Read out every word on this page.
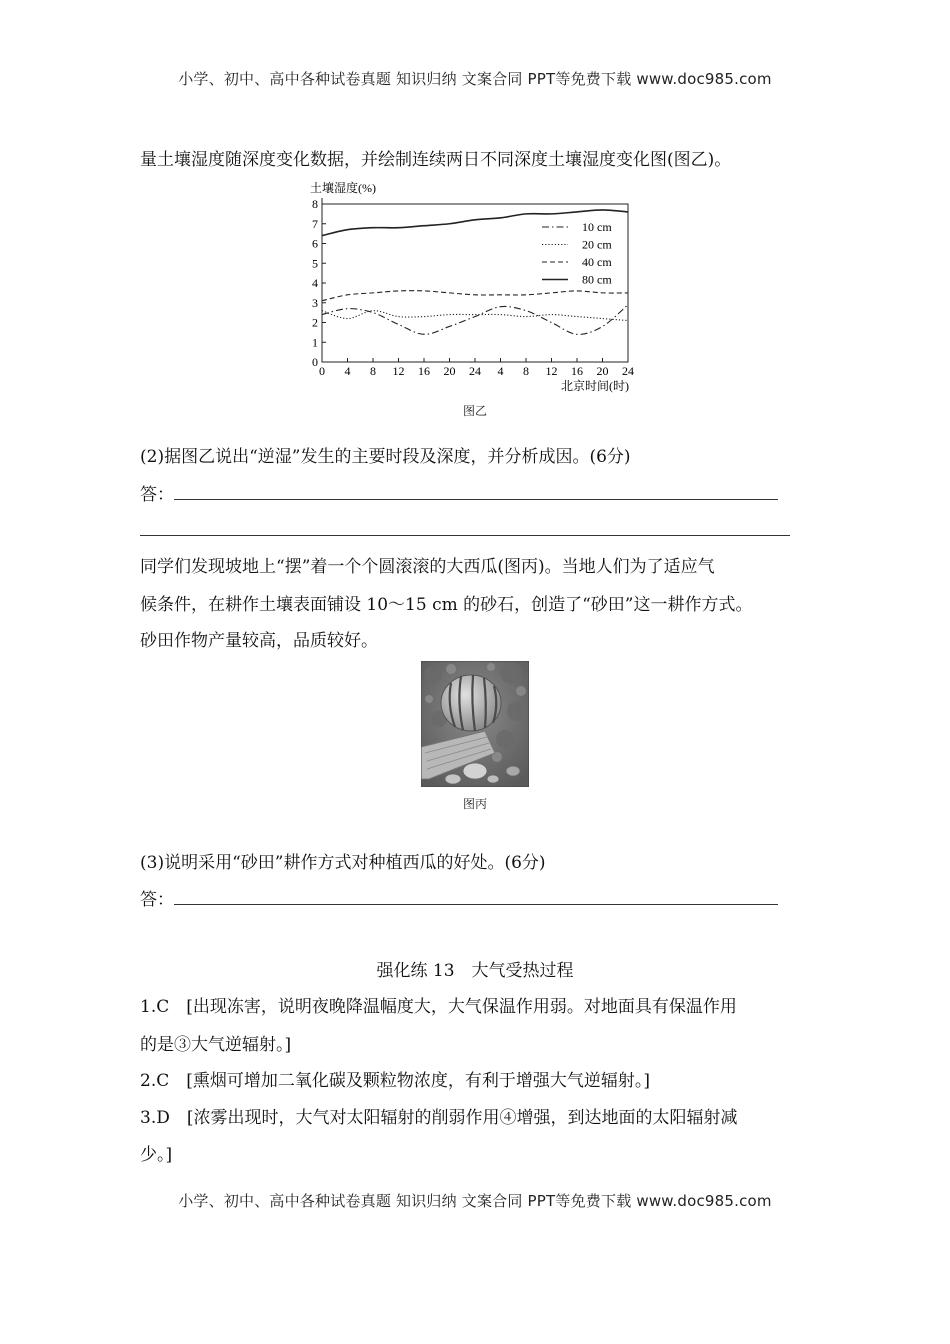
小学、初中、高中各种试卷真题 知识归纳 文案合同 PPT等免费下载 www.doc985.com
量土壤湿度随深度变化数据，并绘制连续两日不同深度土壤湿度变化图(图乙)。
土壤湿度(%)
0
1
2
3
4
5
6
7
8
0 4 8 12 16 20 24 4 8 12 16 20 24
10 cm
20 cm
40 cm
80 cm
北京时间(时)
图乙
(2)据图乙说出“逆湿”发生的主要时段及深度，并分析成因。(6分)
答：
同学们发现坡地上“摆”着一个个圆滚滚的大西瓜(图丙)。当地人们为了适应气
候条件，在耕作土壤表面铺设 10～15 cm 的砂石，创造了“砂田”这一耕作方式。
砂田作物产量较高，品质较好。
图丙
(3)说明采用“砂田”耕作方式对种植西瓜的好处。(6分)
答：
强化练 13　大气受热过程
1.C　[出现冻害，说明夜晚降温幅度大，大气保温作用弱。对地面具有保温作用
的是③大气逆辐射。]
2.C　[熏烟可增加二氧化碳及颗粒物浓度，有利于增强大气逆辐射。]
3.D　[浓雾出现时，大气对太阳辐射的削弱作用④增强，到达地面的太阳辐射减
少。]
小学、初中、高中各种试卷真题 知识归纳 文案合同 PPT等免费下载 www.doc985.com
